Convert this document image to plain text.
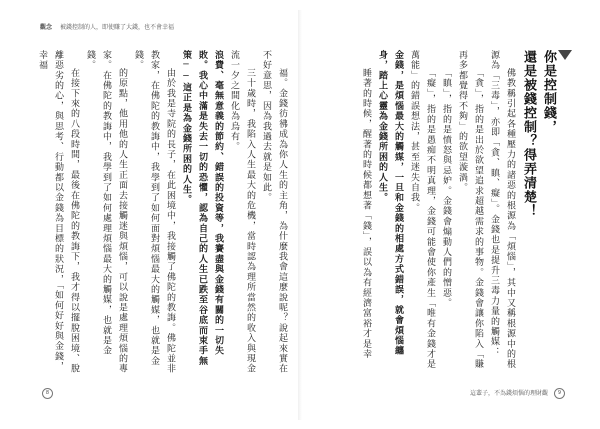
觀念 被錢控制的人，即使賺了大錢，也不會幸福
你是控制錢，
還是被錢控制？得弄清楚！

佛教稱引起各種壓力的諸惡的根源為「煩惱」，其中又稱根源中的根源為「三毒」，亦即「貪、瞋、癡」。金錢也是提升三毒力量的觸媒：

「貪」，指的是出於欲望追求超越需求的事物。金錢會讓你陷入「賺再多都覺得不夠」的欲望漩渦。

「瞋」，指的是憤怒與忌妒。金錢會煽動人們的憎惡。

「癡」，指的是愚痴不明真理，金錢可能會使你產生「唯有金錢才是萬能」的錯誤想法，甚至迷失自我。

金錢，是煩惱最大的觸媒，一旦和金錢的相處方式錯誤，就會煩惱纏身，踏上心靈為金錢所困的人生。

睡著的時候，醒著的時候都想著「錢」，誤以為有經濟富裕才是幸

福。金錢彷彿成為你人生的主角，為什麼我會這麼說呢？說起來實在不好意思，因為我過去就是如此。

三十歲時，我陷入人生最大的危機，當時認為理所當然的收入與現金流一夕之間化為烏有。

浪費、毫無意義的節約、錯誤的投資等，我賽盡與金錢有關的一切失敗。我心中滿是失去一切的恐懼，認為自己的人生已跌至谷底而束手無策──這正是為金錢所困的人生。

由於我是寺院的長子，在此困境中，我接觸了佛陀的教誨。佛陀並非教家，在佛陀的教誨中，我學到了如何面對煩惱最大的觸媒，也就是金錢。

的原點，他用他的人生正面去接觸迷與煩惱，可以說是處理煩惱的專家。在佛陀的教誨中，我學到了如何處理煩惱最大的觸媒，也就是金錢。

在接下來的八段時間，最後在佛陀的教誨下，我才得以擺脫困境、脫離惡劣的心，與思考、行動都以金錢為目標的狀況，「如何好好與金錢，幸福

8	這輩子，不為錢煩惱的理財觀 9
